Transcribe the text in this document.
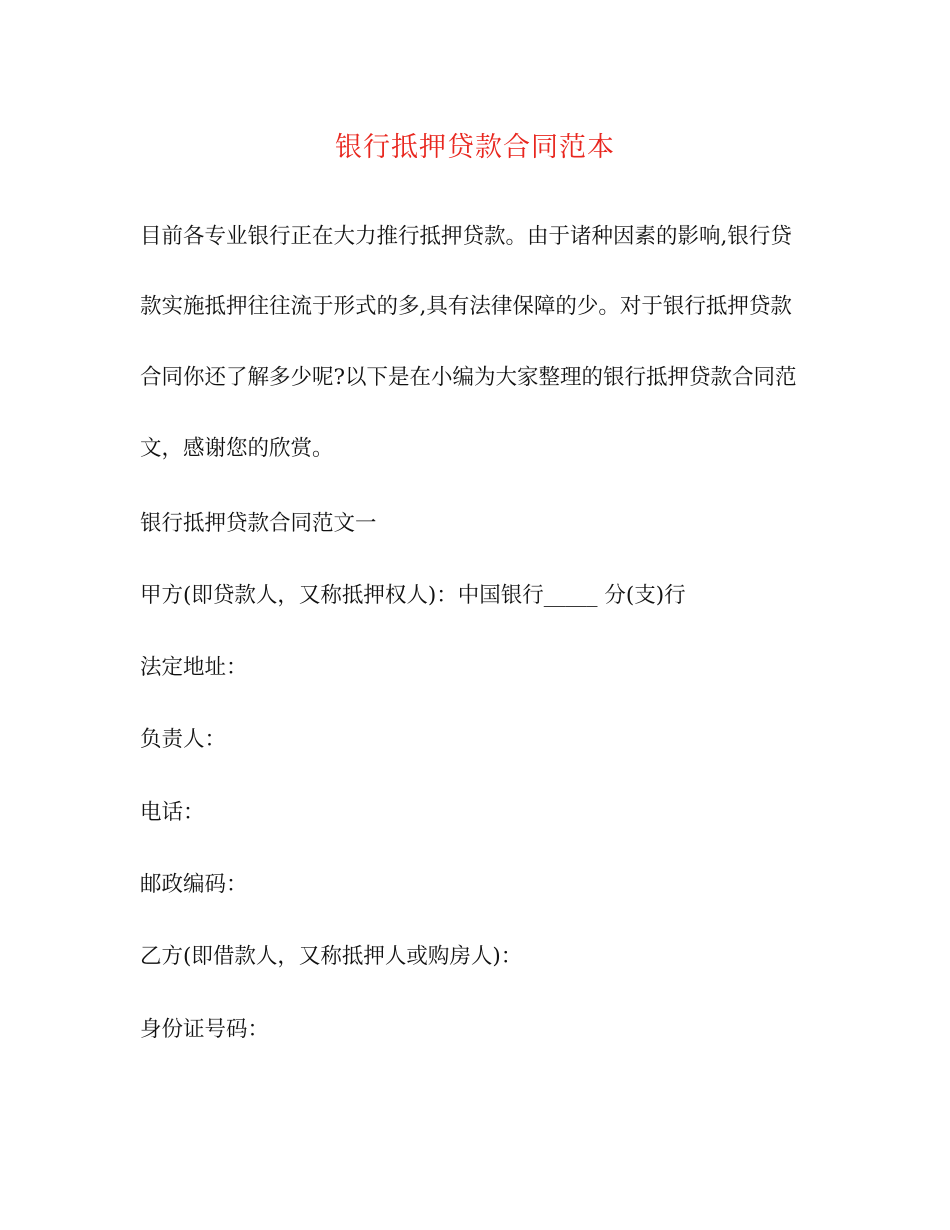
银行抵押贷款合同范本
目前各专业银行正在大力推行抵押贷款。由于诸种因素的影响,银行贷
款实施抵押往往流于形式的多,具有法律保障的少。对于银行抵押贷款
合同你还了解多少呢?以下是在小编为大家整理的银行抵押贷款合同范
文，感谢您的欣赏。
银行抵押贷款合同范文一
甲方(即贷款人，又称抵押权人)：中国银行_____ 分(支)行
法定地址：
负责人：
电话：
邮政编码：
乙方(即借款人，又称抵押人或购房人)：
身份证号码：
